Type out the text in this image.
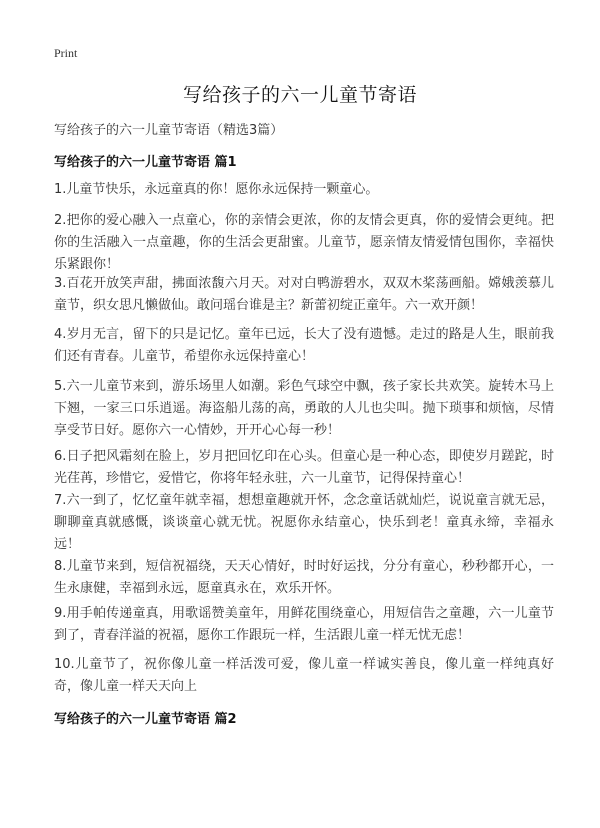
Print
写给孩子的六一儿童节寄语
写给孩子的六一儿童节寄语（精选3篇）
写给孩子的六一儿童节寄语 篇1
1.儿童节快乐，永远童真的你！愿你永远保持一颗童心。
2.把你的爱心融入一点童心，你的亲情会更浓，你的友情会更真，你的爱情会更纯。把你的生活融入一点童趣，你的生活会更甜蜜。儿童节，愿亲情友情爱情包围你，幸福快乐紧跟你！
3.百花开放笑声甜，拂面浓馥六月天。对对白鸭游碧水，双双木桨荡画船。嫦娥羡慕儿童节，织女思凡懒做仙。敢问瑶台谁是主？新蕾初绽正童年。六一欢开颜！
4.岁月无言，留下的只是记忆。童年已远，长大了没有遗憾。走过的路是人生，眼前我们还有青春。儿童节，希望你永远保持童心！
5.六一儿童节来到，游乐场里人如潮。彩色气球空中飘，孩子家长共欢笑。旋转木马上下翘，一家三口乐逍遥。海盗船儿荡的高，勇敢的人儿也尖叫。抛下琐事和烦恼，尽情享受节日好。愿你六一心情妙，开开心心每一秒！
6.日子把风霜刻在脸上，岁月把回忆印在心头。但童心是一种心态，即使岁月蹉跎，时光荏苒，珍惜它，爱惜它，你将年轻永驻，六一儿童节，记得保持童心！
7.六一到了，忆忆童年就幸福，想想童趣就开怀，念念童话就灿烂，说说童言就无忌，聊聊童真就感慨，谈谈童心就无忧。祝愿你永结童心，快乐到老！童真永缔，幸福永远！
8.儿童节来到，短信祝福绕，天天心情好，时时好运找，分分有童心，秒秒都开心，一生永康健，幸福到永远，愿童真永在，欢乐开怀。
9.用手帕传递童真，用歌谣赞美童年，用鲜花围绕童心，用短信告之童趣，六一儿童节到了，青春洋溢的祝福，愿你工作跟玩一样，生活跟儿童一样无忧无虑！
10.儿童节了，祝你像儿童一样活泼可爱，像儿童一样诚实善良，像儿童一样纯真好奇，像儿童一样天天向上
写给孩子的六一儿童节寄语 篇2
